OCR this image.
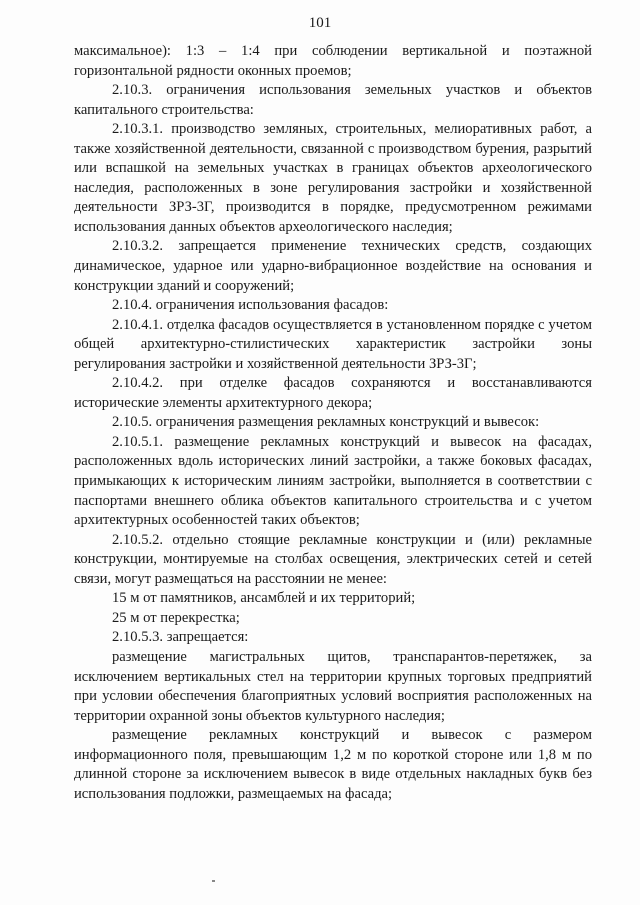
101

максимальное): 1:3 – 1:4 при соблюдении вертикальной и поэтажной горизонтальной рядности оконных проемов;

2.10.3. ограничения использования земельных участков и объектов капитального строительства:

2.10.3.1. производство земляных, строительных, мелиоративных работ, а также хозяйственной деятельности, связанной с производством бурения, разрытий или вспашкой на земельных участках в границах объектов археологического наследия, расположенных в зоне регулирования застройки и хозяйственной деятельности ЗРЗ-3Г, производится в порядке, предусмотренном режимами использования данных объектов археологического наследия;

2.10.3.2. запрещается применение технических средств, создающих динамическое, ударное или ударно-вибрационное воздействие на основания и конструкции зданий и сооружений;

2.10.4. ограничения использования фасадов:

2.10.4.1. отделка фасадов осуществляется в установленном порядке с учетом общей архитектурно-стилистических характеристик застройки зоны регулирования застройки и хозяйственной деятельности ЗРЗ-3Г;

2.10.4.2. при отделке фасадов сохраняются и восстанавливаются исторические элементы архитектурного декора;

2.10.5. ограничения размещения рекламных конструкций и вывесок:

2.10.5.1. размещение рекламных конструкций и вывесок на фасадах, расположенных вдоль исторических линий застройки, а также боковых фасадах, примыкающих к историческим линиям застройки, выполняется в соответствии с паспортами внешнего облика объектов капитального строительства и с учетом архитектурных особенностей таких объектов;

2.10.5.2. отдельно стоящие рекламные конструкции и (или) рекламные конструкции, монтируемые на столбах освещения, электрических сетей и сетей связи, могут размещаться на расстоянии не менее:

15 м от памятников, ансамблей и их территорий;

25 м от перекрестка;

2.10.5.3. запрещается:

размещение магистральных щитов, транспарантов-перетяжек, за исключением вертикальных стел на территории крупных торговых предприятий при условии обеспечения благоприятных условий восприятия расположенных на территории охранной зоны объектов культурного наследия;

размещение рекламных конструкций и вывесок с размером информационного поля, превышающим 1,2 м по короткой стороне или 1,8 м по длинной стороне за исключением вывесок в виде отдельных накладных букв без использования подложки, размещаемых на фасада;
